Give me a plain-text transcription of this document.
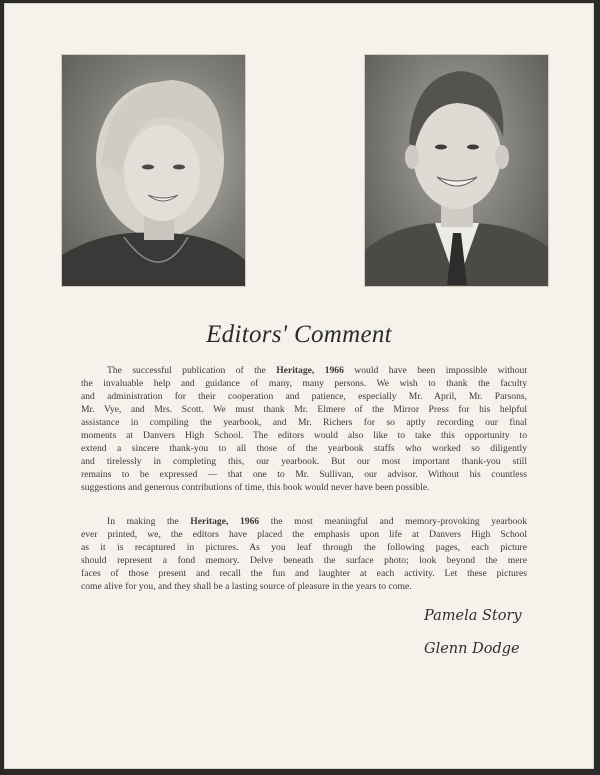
Editors' Comment

The successful publication of the Heritage, 1966 would have been impossible without
the invaluable help and guidance of many, many persons. We wish to thank the faculty
and administration for their cooperation and patience, especially Mr. April, Mr. Parsons,
Mr. Vye, and Mrs. Scott. We must thank Mr. Elmere of the Mirror Press for his helpful
assistance in compiling the yearbook, and Mr. Richers for so aptly recording our final
moments at Danvers High School. The editors would also like to take this opportunity to
extend a sincere thank-you to all those of the yearbook staffs who worked so diligently
and tirelessly in completing this, our yearbook. But our most important thank-you still
remains to be expressed — that one to Mr. Sullivan, our advisor. Without his countless
suggestions and generous contributions of time, this book would never have been possible.

In making the Heritage, 1966 the most meaningful and memory-provoking yearbook
ever printed, we, the editors have placed the emphasis upon life at Danvers High School
as it is recaptured in pictures. As you leaf through the following pages, each picture
should represent a fond memory. Delve beneath the surface photo; look beyond the mere
faces of those present and recall the fun and laughter at each activity. Let these pictures
come alive for you, and they shall be a lasting source of pleasure in the years to come.

Pamela Story
Glenn Dodge
